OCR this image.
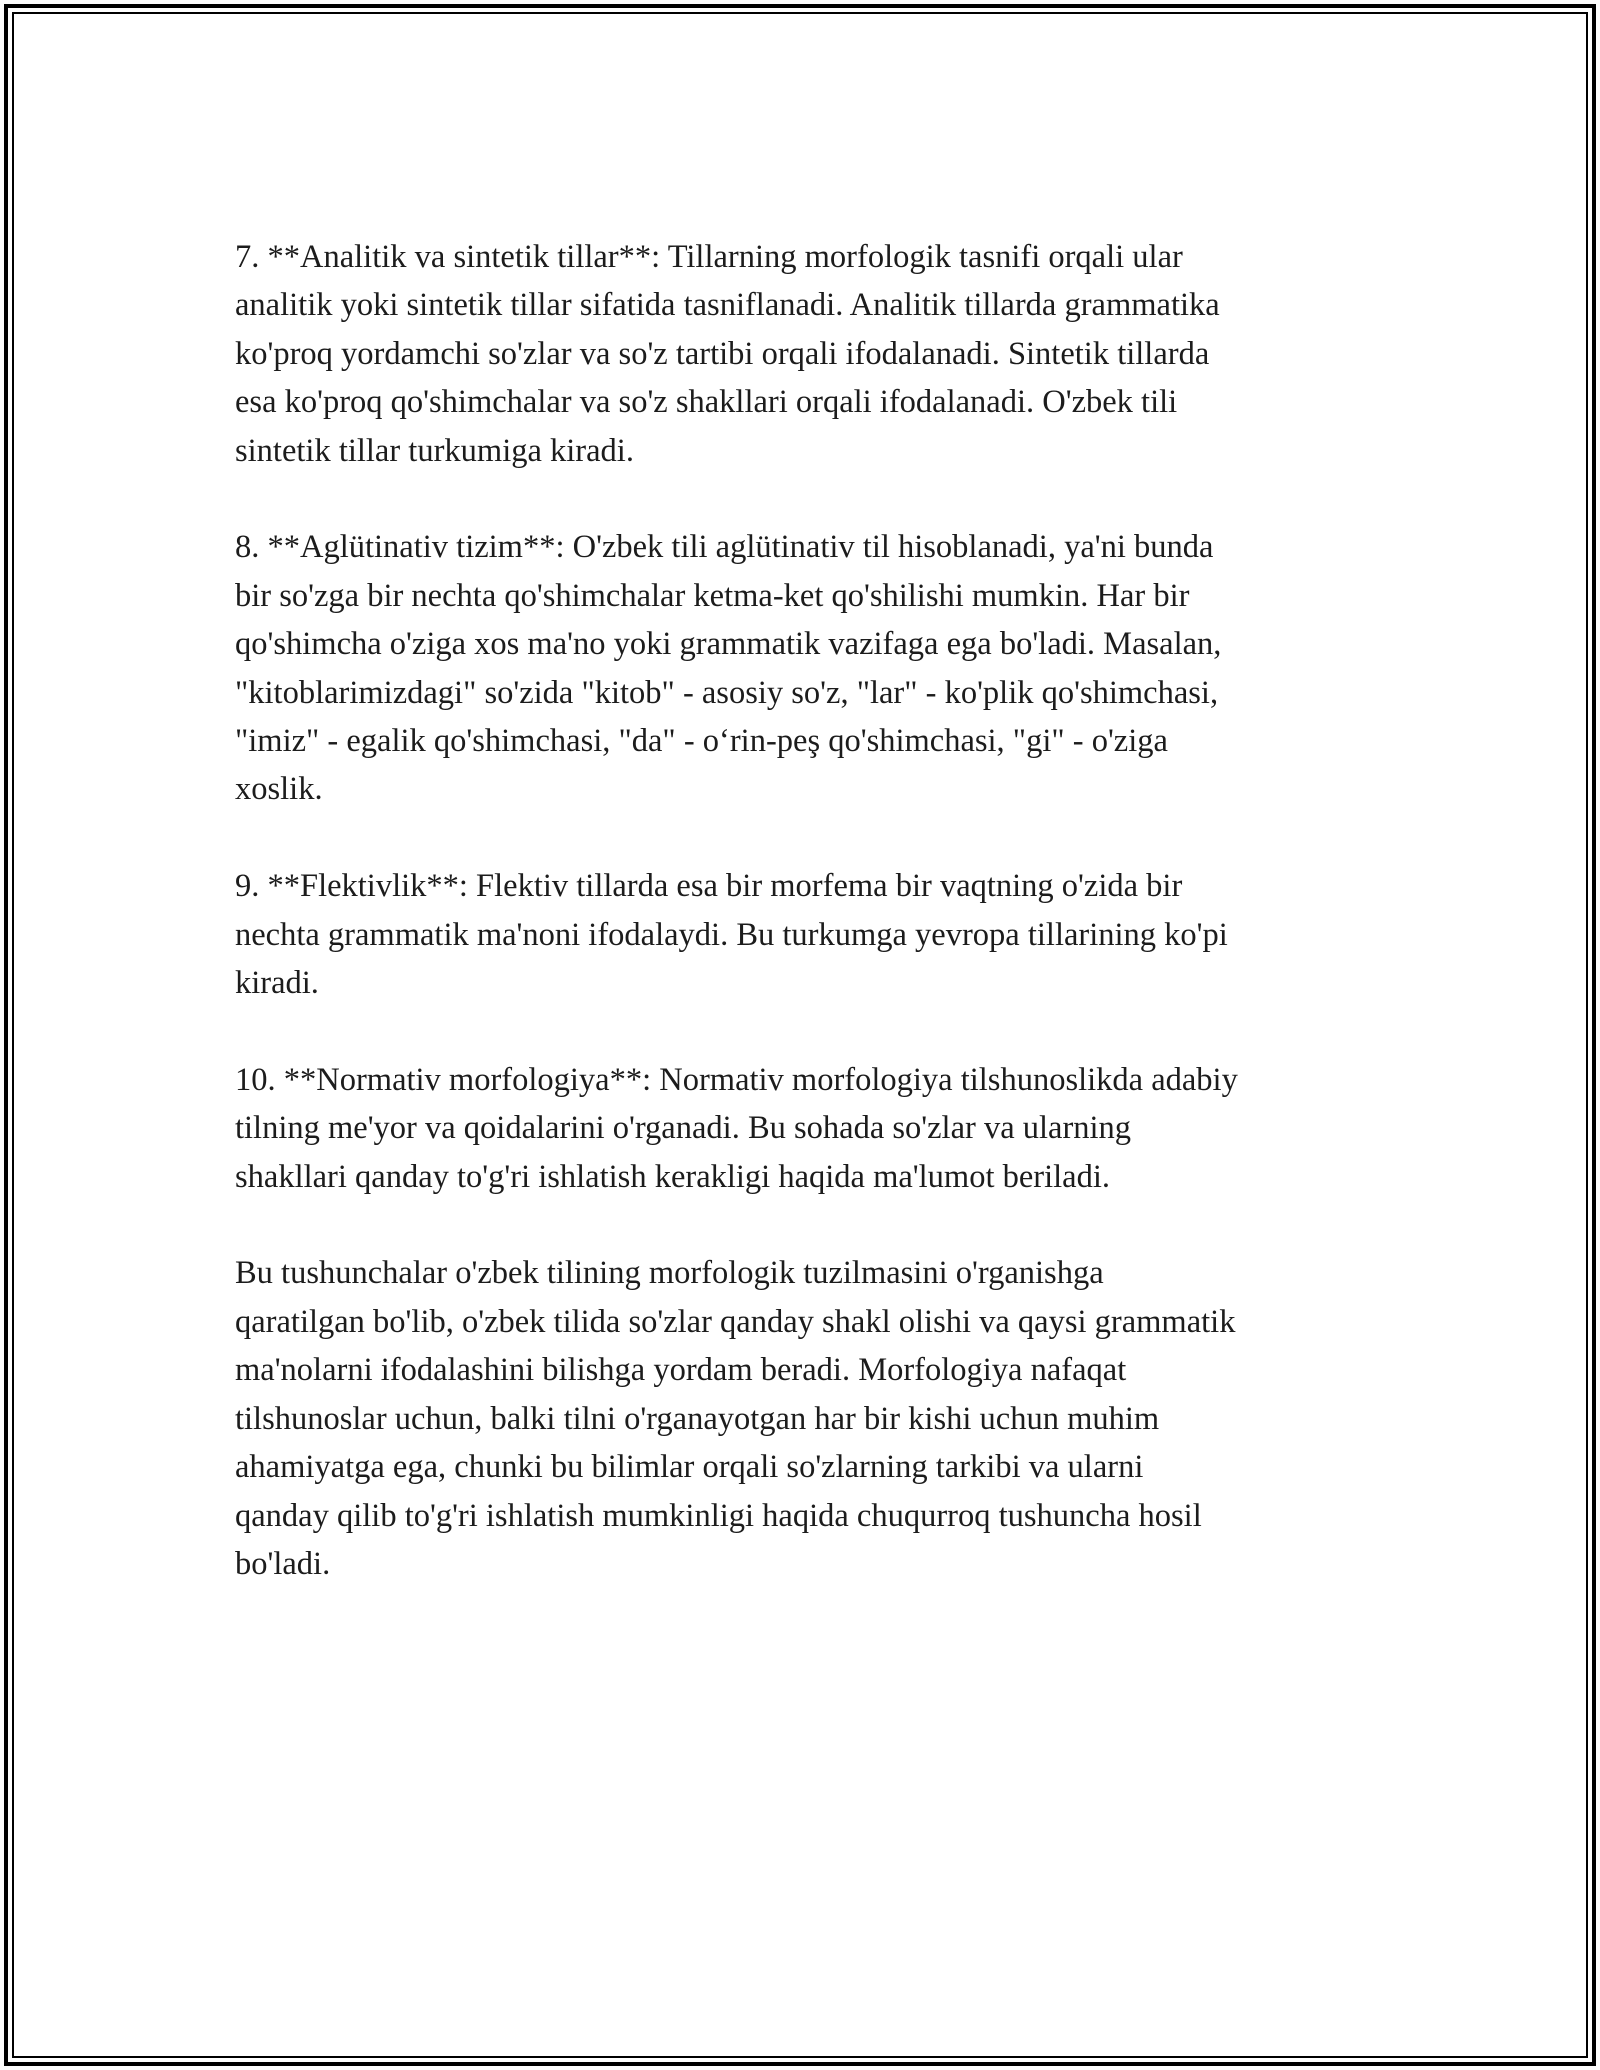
7. **Analitik va sintetik tillar**: Tillarning morfologik tasnifi orqali ular
analitik yoki sintetik tillar sifatida tasniflanadi. Analitik tillarda grammatika
ko'proq yordamchi so'zlar va so'z tartibi orqali ifodalanadi. Sintetik tillarda
esa ko'proq qo'shimchalar va so'z shakllari orqali ifodalanadi. O'zbek tili
sintetik tillar turkumiga kiradi.

8. **Aglütinativ tizim**: O'zbek tili aglütinativ til hisoblanadi, ya'ni bunda
bir so'zga bir nechta qo'shimchalar ketma-ket qo'shilishi mumkin. Har bir
qo'shimcha o'ziga xos ma'no yoki grammatik vazifaga ega bo'ladi. Masalan,
"kitoblarimizdagi" so'zida "kitob" - asosiy so'z, "lar" - ko'plik qo'shimchasi,
"imiz" - egalik qo'shimchasi, "da" - o‘rin-peş qo'shimchasi, "gi" - o'ziga
xoslik.

9. **Flektivlik**: Flektiv tillarda esa bir morfema bir vaqtning o'zida bir
nechta grammatik ma'noni ifodalaydi. Bu turkumga yevropa tillarining ko'pi
kiradi.

10. **Normativ morfologiya**: Normativ morfologiya tilshunoslikda adabiy
tilning me'yor va qoidalarini o'rganadi. Bu sohada so'zlar va ularning
shakllari qanday to'g'ri ishlatish kerakligi haqida ma'lumot beriladi.

Bu tushunchalar o'zbek tilining morfologik tuzilmasini o'rganishga
qaratilgan bo'lib, o'zbek tilida so'zlar qanday shakl olishi va qaysi grammatik
ma'nolarni ifodalashini bilishga yordam beradi. Morfologiya nafaqat
tilshunoslar uchun, balki tilni o'rganayotgan har bir kishi uchun muhim
ahamiyatga ega, chunki bu bilimlar orqali so'zlarning tarkibi va ularni
qanday qilib to'g'ri ishlatish mumkinligi haqida chuqurroq tushuncha hosil
bo'ladi.
